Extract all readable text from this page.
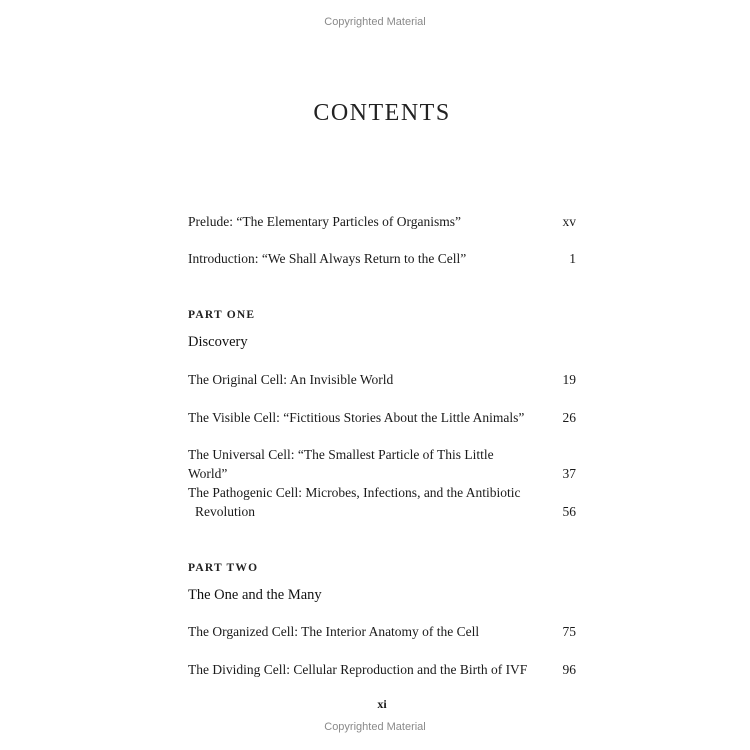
Copyrighted Material
CONTENTS
Prelude: “The Elementary Particles of Organisms”	xv
Introduction: “We Shall Always Return to the Cell”	1
PART ONE
Discovery
The Original Cell: An Invisible World	19
The Visible Cell: “Fictitious Stories About the Little Animals”	26
The Universal Cell: “The Smallest Particle of This Little World”	37
The Pathogenic Cell: Microbes, Infections, and the Antibiotic
Revolution	56
PART TWO
The One and the Many
The Organized Cell: The Interior Anatomy of the Cell	75
The Dividing Cell: Cellular Reproduction and the Birth of IVF	96
xi
Copyrighted Material
